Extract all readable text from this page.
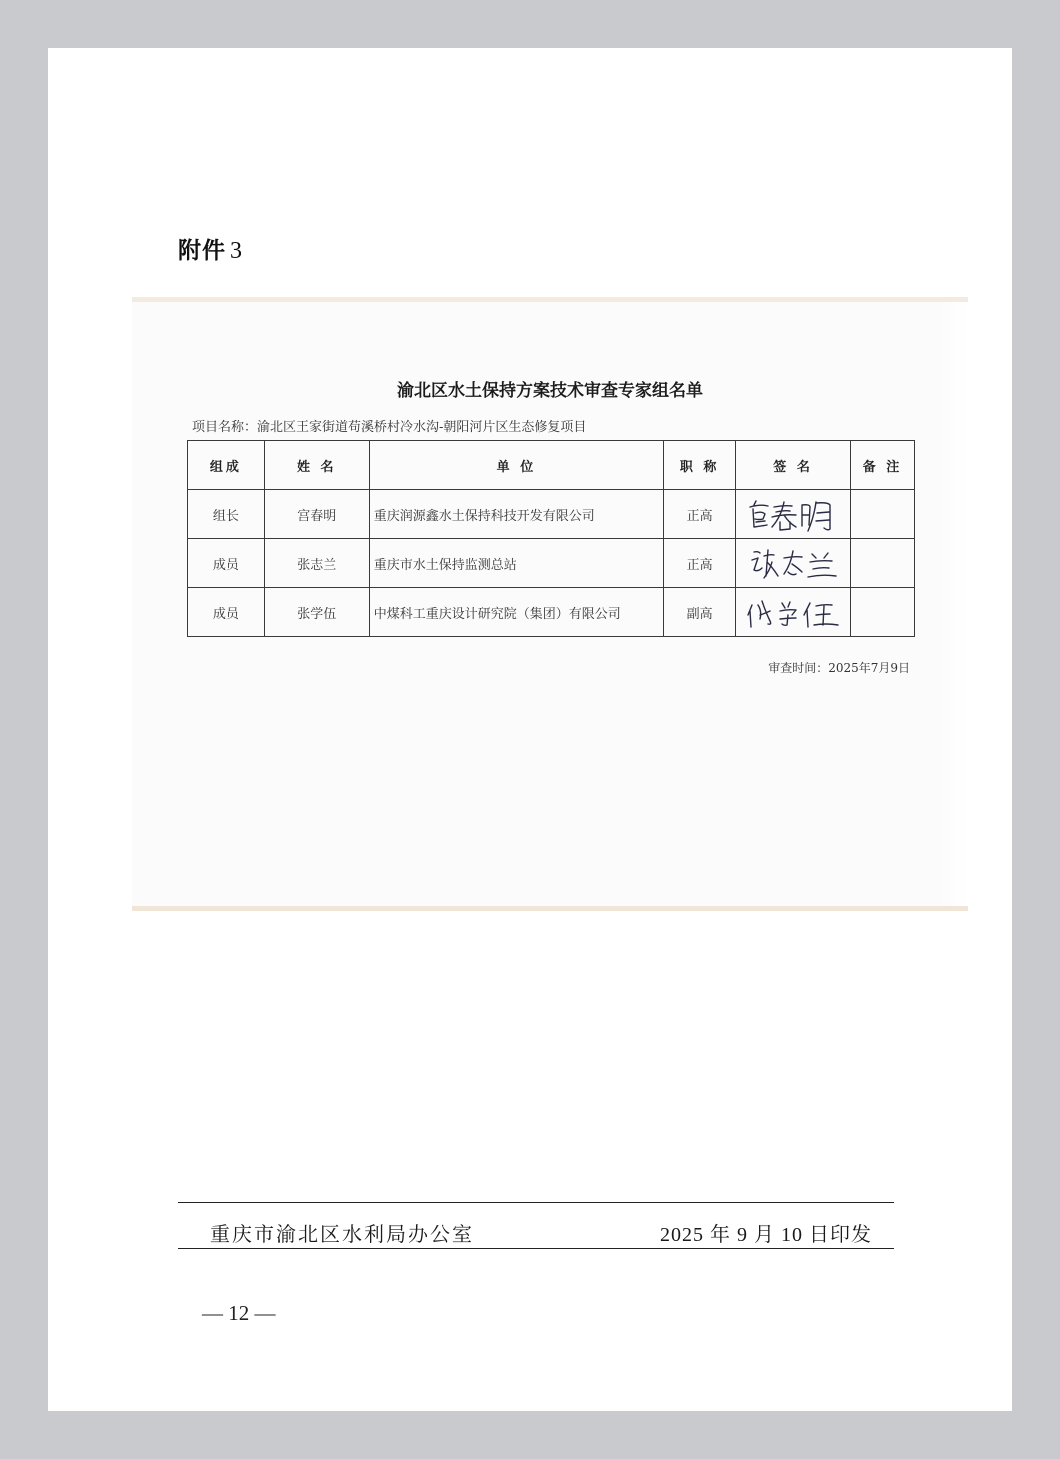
附件 3
渝北区水土保持方案技术审查专家组名单
项目名称：渝北区王家街道苟溪桥村冷水沟-朝阳河片区生态修复项目
组成	姓 名	单 位	职 称	签 名	备 注
组长	宫春明	重庆润源鑫水土保持科技开发有限公司	正高	

成员	张志兰	重庆市水土保持监测总站	正高	

成员	张学伍	中煤科工重庆设计研究院（集团）有限公司	副高	

审查时间：2025年7月9日
重庆市渝北区水利局办公室	2025 年 9 月 10 日印发
— 12 —
